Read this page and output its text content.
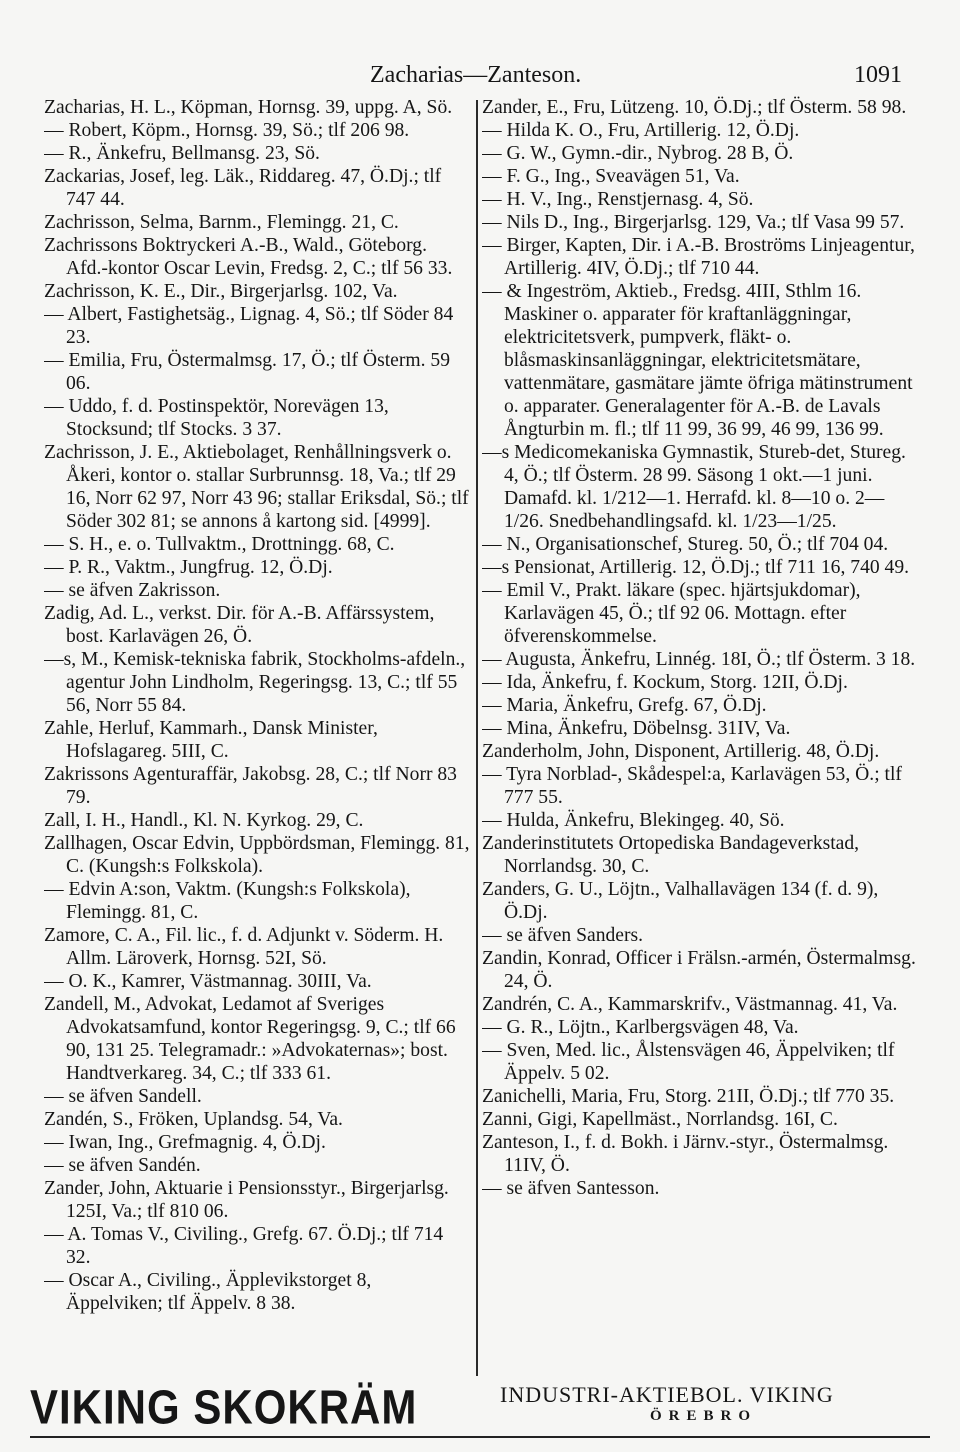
Zacharias—Zanteson.	1091
Zacharias, H. L., Köpman, Hornsg. 39, uppg. A, Sö.
— Robert, Köpm., Hornsg. 39, Sö.; tlf 206 98.
— R., Änkefru, Bellmansg. 23, Sö.
Zackarias, Josef, leg. Läk., Riddareg. 47, Ö.Dj.; tlf 747 44.
Zachrisson, Selma, Barnm., Flemingg. 21, C.
Zachrissons Boktryckeri A.-B., Wald., Göteborg. Afd.-kontor Oscar Levin, Fredsg. 2, C.; tlf 56 33.
Zachrisson, K. E., Dir., Birgerjarlsg. 102, Va.
— Albert, Fastighetsäg., Lignag. 4, Sö.; tlf Söder 84 23.
— Emilia, Fru, Östermalmsg. 17, Ö.; tlf Österm. 59 06.
— Uddo, f. d. Postinspektör, Norevägen 13, Stocksund; tlf Stocks. 3 37.
Zachrisson, J. E., Aktiebolaget, Renhållningsverk o. Åkeri, kontor o. stallar Surbrunnsg. 18, Va.; tlf 29 16, Norr 62 97, Norr 43 96; stallar Eriksdal, Sö.; tlf Söder 302 81; se annons å kartong sid. [4999].
— S. H., e. o. Tullvaktm., Drottningg. 68, C.
— P. R., Vaktm., Jungfrug. 12, Ö.Dj.
— se äfven Zakrisson.
Zadig, Ad. L., verkst. Dir. för A.-B. Affärssystem, bost. Karlavägen 26, Ö.
—s, M., Kemisk-tekniska fabrik, Stockholms-afdeln., agentur John Lindholm, Regeringsg. 13, C.; tlf 55 56, Norr 55 84.
Zahle, Herluf, Kammarh., Dansk Minister, Hofslagareg. 5III, C.
Zakrissons Agenturaffär, Jakobsg. 28, C.; tlf Norr 83 79.
Zall, I. H., Handl., Kl. N. Kyrkog. 29, C.
Zallhagen, Oscar Edvin, Uppbördsman, Flemingg. 81, C. (Kungsh:s Folkskola).
— Edvin A:son, Vaktm. (Kungsh:s Folkskola), Flemingg. 81, C.
Zamore, C. A., Fil. lic., f. d. Adjunkt v. Söderm. H. Allm. Läroverk, Hornsg. 52I, Sö.
— O. K., Kamrer, Västmannag. 30III, Va.
Zandell, M., Advokat, Ledamot af Sveriges Advokatsamfund, kontor Regeringsg. 9, C.; tlf 66 90, 131 25. Telegramadr.: »Advokaternas»; bost. Handtverkareg. 34, C.; tlf 333 61.
— se äfven Sandell.
Zandén, S., Fröken, Uplandsg. 54, Va.
— Iwan, Ing., Grefmagnig. 4, Ö.Dj.
— se äfven Sandén.
Zander, John, Aktuarie i Pensionsstyr., Birgerjarlsg. 125I, Va.; tlf 810 06.
— A. Tomas V., Civiling., Grefg. 67. Ö.Dj.; tlf 714 32.
— Oscar A., Civiling., Äpplevikstorget 8, Äppelviken; tlf Äppelv. 8 38.
Zander, E., Fru, Lützeng. 10, Ö.Dj.; tlf Österm. 58 98.
— Hilda K. O., Fru, Artillerig. 12, Ö.Dj.
— G. W., Gymn.-dir., Nybrog. 28 B, Ö.
— F. G., Ing., Sveavägen 51, Va.
— H. V., Ing., Renstjernasg. 4, Sö.
— Nils D., Ing., Birgerjarlsg. 129, Va.; tlf Vasa 99 57.
— Birger, Kapten, Dir. i A.-B. Broströms Linjeagentur, Artillerig. 4IV, Ö.Dj.; tlf 710 44.
— & Ingeström, Aktieb., Fredsg. 4III, Sthlm 16. Maskiner o. apparater för kraftanläggningar, elektricitetsverk, pumpverk, fläkt- o. blåsmaskinsanläggningar, elektricitetsmätare, vattenmätare, gasmätare jämte öfriga mätinstrument o. apparater. Generalagenter för A.-B. de Lavals Ångturbin m. fl.; tlf 11 99, 36 99, 46 99, 136 99.
—s Medicomekaniska Gymnastik, Stureb-det, Stureg. 4, Ö.; tlf Österm. 28 99. Säsong 1 okt.—1 juni. Damafd. kl. 1/212—1. Herrafd. kl. 8—10 o. 2—1/26. Snedbehandlingsafd. kl. 1/23—1/25.
— N., Organisationschef, Stureg. 50, Ö.; tlf 704 04.
—s Pensionat, Artillerig. 12, Ö.Dj.; tlf 711 16, 740 49.
— Emil V., Prakt. läkare (spec. hjärtsjukdomar), Karlavägen 45, Ö.; tlf 92 06. Mottagn. efter öfverenskommelse.
— Augusta, Änkefru, Linnég. 18I, Ö.; tlf Österm. 3 18.
— Ida, Änkefru, f. Kockum, Storg. 12II, Ö.Dj.
— Maria, Änkefru, Grefg. 67, Ö.Dj.
— Mina, Änkefru, Döbelnsg. 31IV, Va.
Zanderholm, John, Disponent, Artillerig. 48, Ö.Dj.
— Tyra Norblad-, Skådespel:a, Karlavägen 53, Ö.; tlf 777 55.
— Hulda, Änkefru, Blekingeg. 40, Sö.
Zanderinstitutets Ortopediska Bandageverkstad, Norrlandsg. 30, C.
Zanders, G. U., Löjtn., Valhallavägen 134 (f. d. 9), Ö.Dj.
— se äfven Sanders.
Zandin, Konrad, Officer i Frälsn.-armén, Östermalmsg. 24, Ö.
Zandrén, C. A., Kammarskrifv., Västmannag. 41, Va.
— G. R., Löjtn., Karlbergsvägen 48, Va.
— Sven, Med. lic., Ålstensvägen 46, Äppelviken; tlf Äppelv. 5 02.
Zanichelli, Maria, Fru, Storg. 21II, Ö.Dj.; tlf 770 35.
Zanni, Gigi, Kapellmäst., Norrlandsg. 16I, C.
Zanteson, I., f. d. Bokh. i Järnv.-styr., Östermalmsg. 11IV, Ö.
— se äfven Santesson.
VIKING SKOKRÄM	INDUSTRI-AKTIEBOL. VIKING
ÖREBRO
